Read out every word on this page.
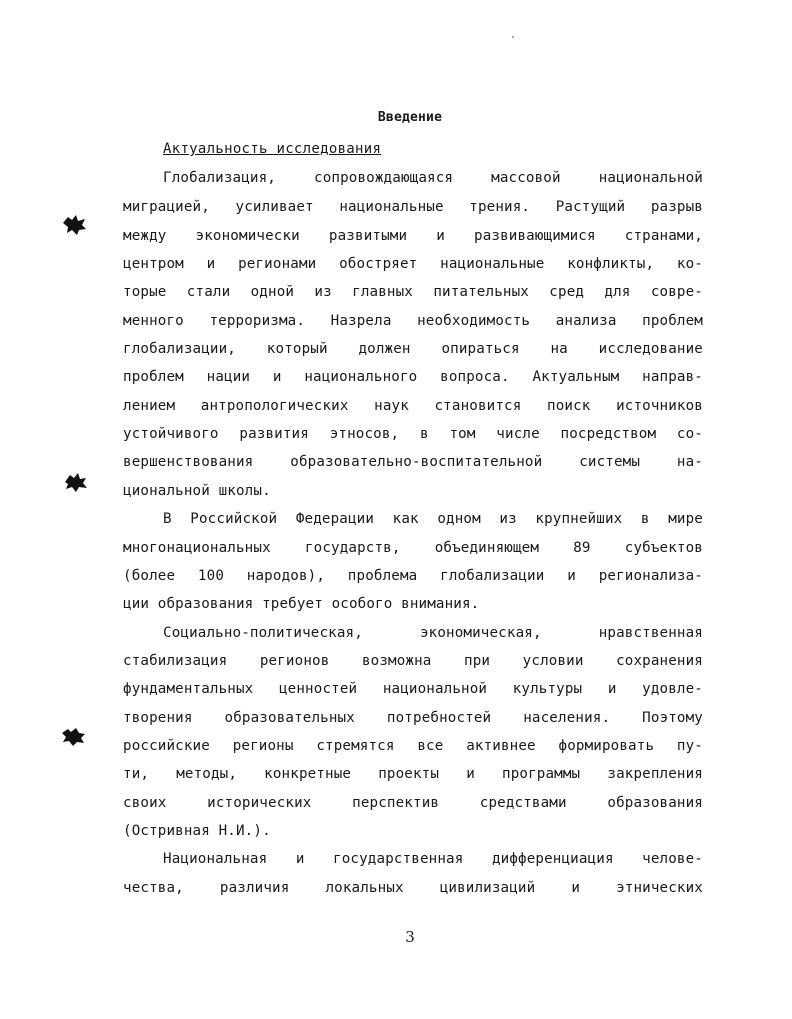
Введение
Актуальность исследования
Глобализация, сопровождающаяся массовой национальной
миграцией, усиливает национальные трения. Растущий разрыв
между экономически развитыми и развивающимися странами,
центром и регионами обостряет национальные конфликты, ко-
торые стали одной из главных питательных сред для совре-
менного терроризма. Назрела необходимость анализа проблем
глобализации, который должен опираться на исследование
проблем нации и национального вопроса. Актуальным направ-
лением антропологических наук становится поиск источников
устойчивого развития этносов, в том числе посредством со-
вершенствования образовательно-воспитательной системы на-
циональной школы.
В Российской Федерации как одном из крупнейших в мире
многонациональных государств, объединяющем 89 субъектов
(более 100 народов), проблема глобализации и регионализа-
ции образования требует особого внимания.
Социально-политическая, экономическая, нравственная
стабилизация регионов возможна при условии сохранения
фундаментальных ценностей национальной культуры и удовле-
творения образовательных потребностей населения. Поэтому
российские регионы стремятся все активнее формировать пу-
ти, методы, конкретные проекты и программы закрепления
своих исторических перспектив средствами образования
(Остривная Н.И.).
Национальная и государственная дифференциация челове-
чества, различия локальных цивилизаций и этнических
3
